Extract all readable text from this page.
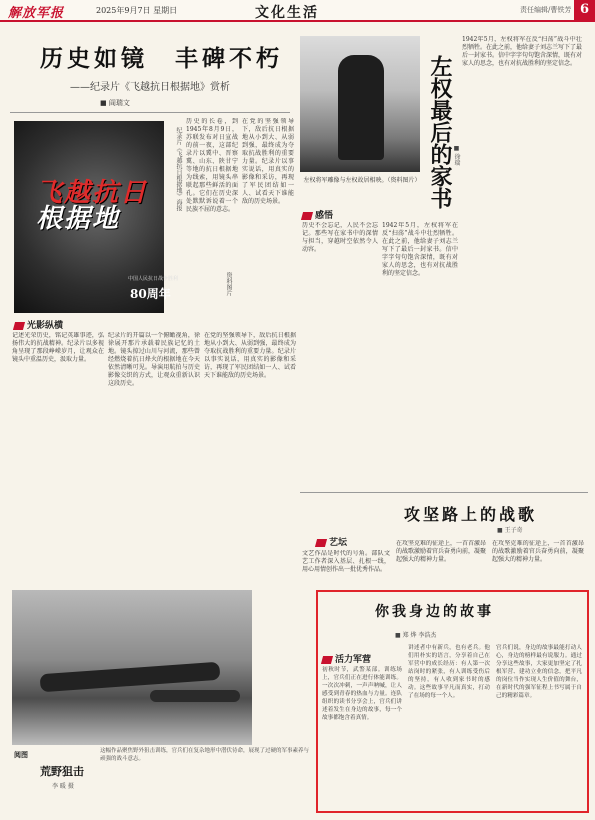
解放军报	2025年9月7日 星期日	文化生活	责任编辑/曹铁芳 6
历史如镜　丰碑不朽
——纪录片《飞越抗日根据地》赏析
■ 阎瑞文
飞越抗日
根据地
中国人民抗日战争胜利
80周年
纪录片《飞越抗日根据地》海报
历史的长卷，到1945年8月9日，苏联发布对日宣战的前一夜，这部纪录片以冀中、晋察冀、山东、陕甘宁等地的抗日根据地为线索，用镜头串联起那些鲜活的面孔。它们在历史深处默默诉说着一个民族不屈的意志。
在党的坚强领导下，敌后抗日根据地从小到大、从弱到强，最终成为夺取抗战胜利的重要力量。纪录片以事实说话，用真实的影像和采访，再现了军民团结如一人、试看天下谁能敌的历史场景。
资料图片
光影纵横
记述光荣历史，铭记英雄事迹，弘扬伟大的抗战精神。纪录片以多视角呈现了那段峥嵘岁月，让观众在镜头中重温历史，汲取力量。
纪录片的开篇以一个俯瞰视角，徐徐展开那片承载着民族记忆的土地。镜头掠过山川与河流，那些曾经燃烧着抗日烽火的根据地在今天依然清晰可见。导演用航拍与历史影像交织的方式，让观众重新认识这段历史。
在党的坚强领导下，敌后抗日根据地从小到大、从弱到强，最终成为夺取抗战胜利的重要力量。纪录片以事实说话，用真实的影像和采访，再现了军民团结如一人、试看天下谁能敌的历史场景。
左权将军雕像与左权故居相映。（资料图片） 左权最后的家书 ■ 徐瑞
1942年5月，左权将军在反“扫荡”战斗中壮烈牺牲。在此之前，他给妻子刘志兰写下了最后一封家书。信中字字句句饱含深情，既有对家人的思念，也有对抗战胜利的坚定信念。
感悟
历史不会忘记，人民不会忘记。那些写在家书中的深情与担当，穿越时空依然令人动容。
1942年5月，左权将军在反“扫荡”战斗中壮烈牺牲。在此之前，他给妻子刘志兰写下了最后一封家书。信中字字句句饱含深情，既有对家人的思念，也有对抗战胜利的坚定信念。
攻坚路上的战歌
■ 王子奇
艺坛
文艺作品是时代的号角。部队文艺工作者深入基层、扎根一线，用心用情创作出一批优秀作品。
在攻坚克难的征途上，一首首激昂的战歌激励着官兵奋勇向前，凝聚起强大的精神力量。
在攻坚克难的征途上，一首首激昂的战歌激励着官兵奋勇向前，凝聚起强大的精神力量。
阅图
荒野狙击
李 暖 摄
这幅作品聚焦野外狙击训练，官兵们在复杂地形中潜伏待命，展现了过硬的军事素养与顽强的战斗意志。
你我身边的故事
■ 郑 烨 李浩杰
活力军营
初秋时节，武警某部。训练场上，官兵们正在进行体能训练。一次次冲刺，一声声呐喊，让人感受到青春的热血与力量。连队组织的读书分享会上，官兵们讲述着发生在身边的故事，每一个故事都饱含着真情。
讲述者中有新兵，也有老兵。他们用朴实的语言，分享着自己在军营中的成长经历：有人第一次站岗时的紧张，有人训练受伤后的坚持，有人收到家书时的感动。这些故事平凡而真实，打动了在场的每一个人。
官兵们说，身边的故事最能打动人心，身边的榜样最有说服力。通过分享这些故事，大家更加坚定了扎根军营、建功立业的信念，把平凡的岗位当作实现人生价值的舞台，在新时代的强军征程上书写属于自己的精彩篇章。
